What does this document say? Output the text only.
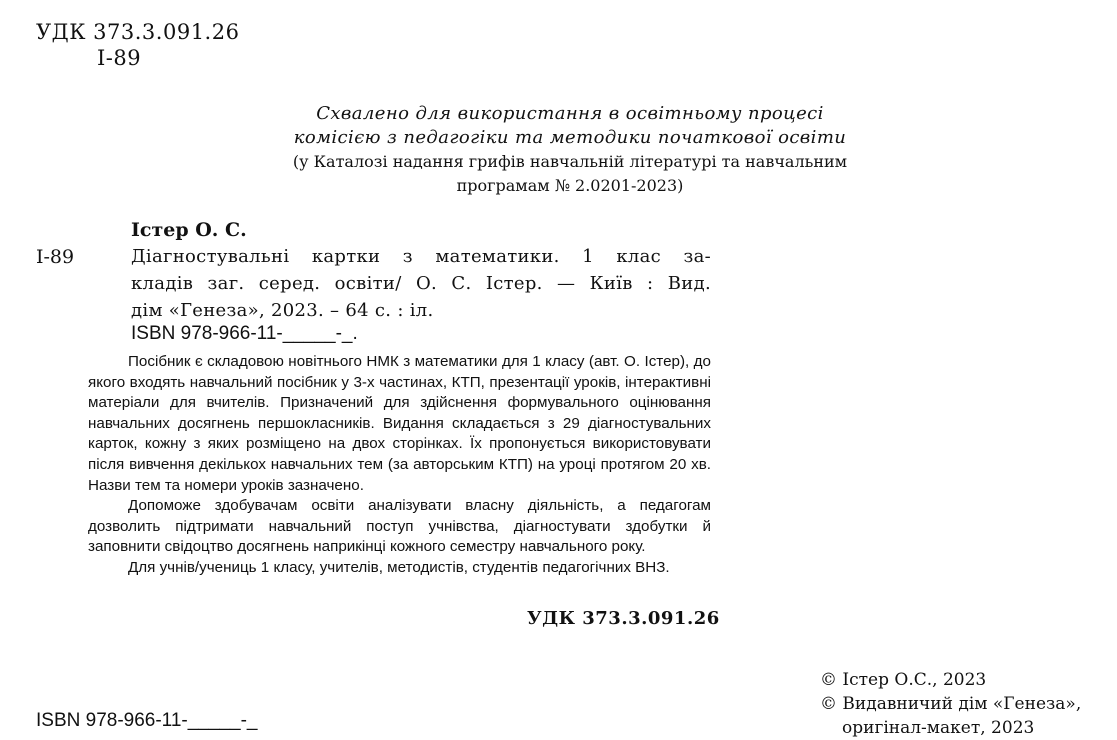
УДК 373.3.091.26
І-89
Схвалено для використання в освітньому процесі
комісією з педагогіки та методики початкової освіти
(у Каталозі надання грифів навчальній літературі та навчальним
програмам № 2.0201-2023)
Істер О. С.
І-89	Діагностувальні картки з математики. 1 клас за-
кладів заг. серед. освіти/ О. С. Істер. — Київ : Вид.
дім «Генеза», 2023. – 64 с. : іл.
ISBN 978-966-11-_____-_.

Посібник є складовою новітнього НМК з математики для 1 класу (авт. О. Істер), до якого входять навчальний посібник у 3-х частинах, КТП, презентації уроків, інтерактивні матеріали для вчителів. Призначений для здійснення формувального оцінювання навчальних досягнень першокласників. Видання складається з 29 діагностувальних карток, кожну з яких розміщено на двох сторінках. Їх пропонується використовувати після вивчення декількох навчальних тем (за авторським КТП) на уроці протягом 20 хв. Назви тем та номери уроків зазначено.

Допоможе здобувачам освіти аналізувати власну діяльність, а педагогам дозволить підтримати навчальний поступ учнівства, діагностувати здобутки й заповнити свідоцтво досягнень наприкінці кожного семестру навчального року.

Для учнів/учениць 1 класу, учителів, методистів, студентів педагогічних ВНЗ.

УДК 373.3.091.26
© Істер О.С., 2023
© Видавничий дім «Генеза»,
оригінал-макет, 2023
ISBN 978-966-11-_____-_
